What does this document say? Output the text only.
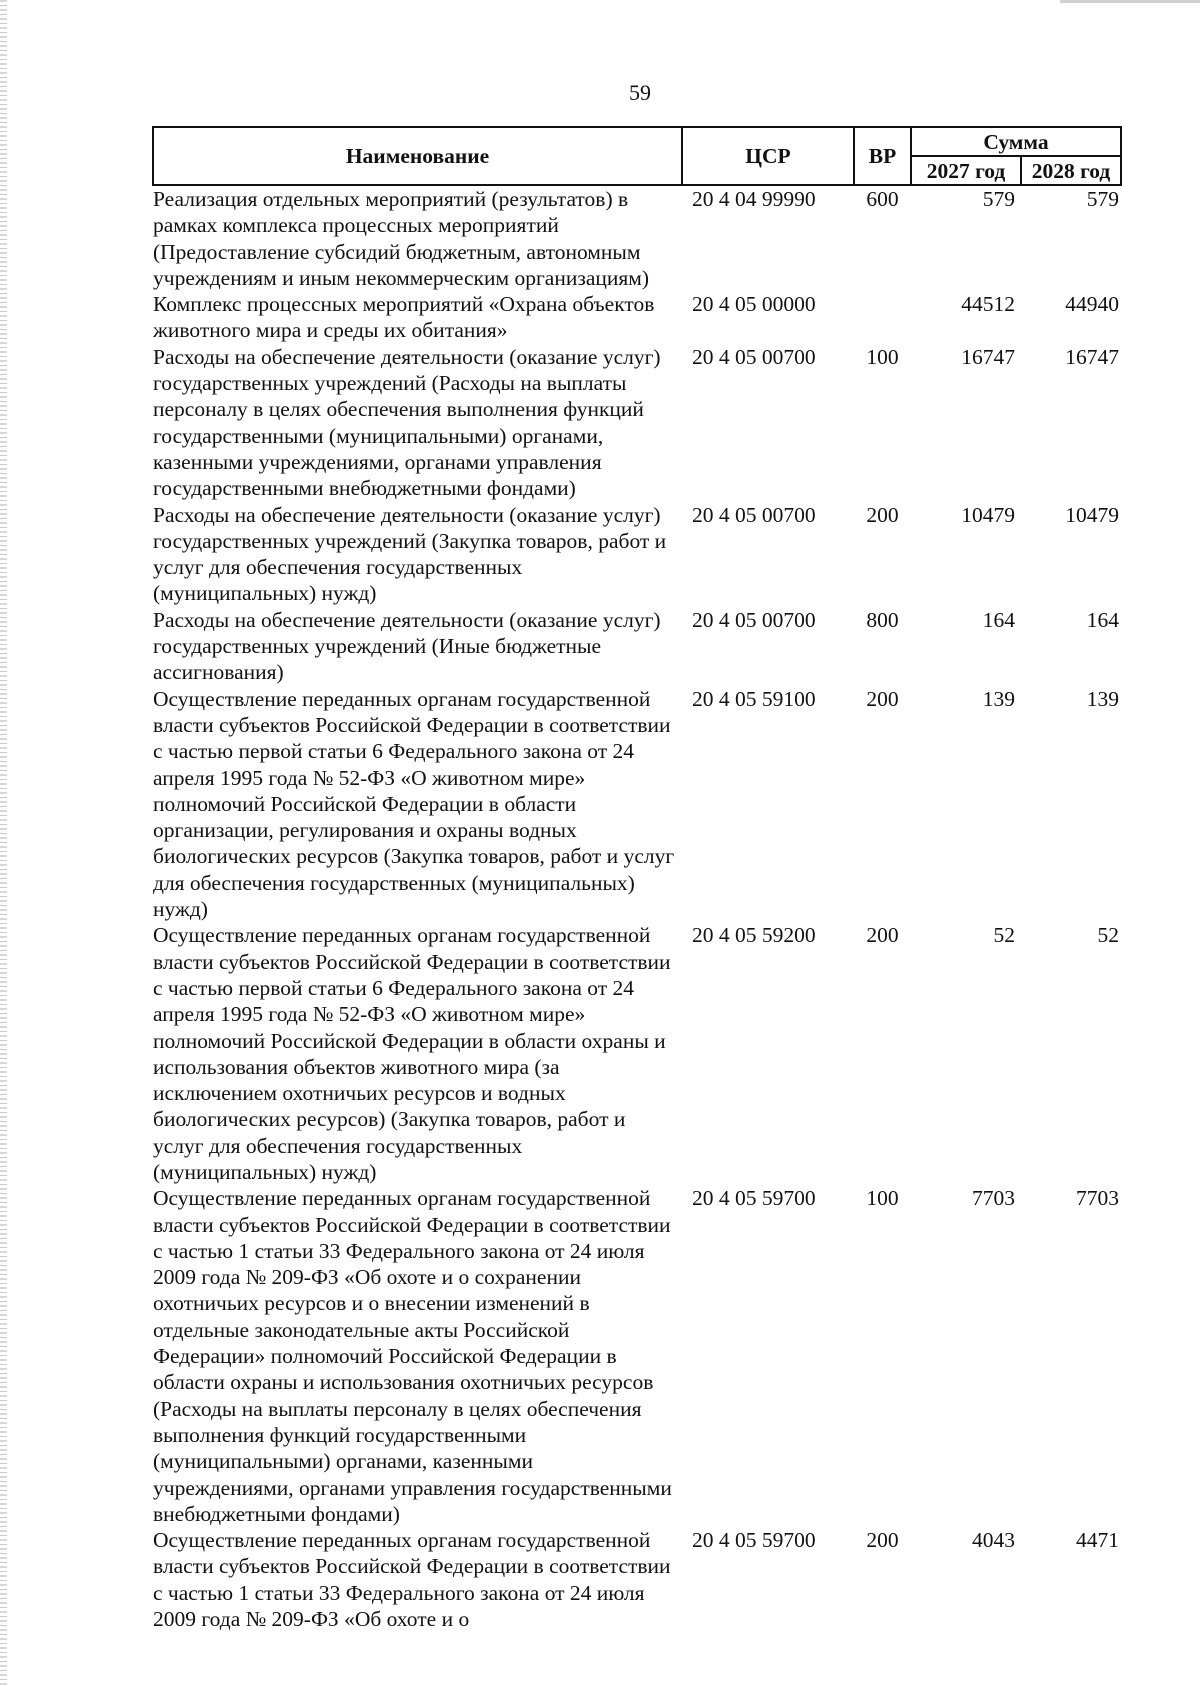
59
Наименование	ЦСР	ВР	Сумма	
			2027 год	2028 год
Реализация отдельных мероприятий (результатов) в рамках комплекса процессных мероприятий (Предоставление субсидий бюджетным, автономным учреждениям и иным некоммерческим организациям)	20 4 04 99990	600	579	579
Комплекс процессных мероприятий «Охрана объектов животного мира и среды их обитания»	20 4 05 00000		44512	44940
Расходы на обеспечение деятельности (оказание услуг) государственных учреждений (Расходы на выплаты персоналу в целях обеспечения выполнения функций государственными (муниципальными) органами, казенными учреждениями, органами управления государственными внебюджетными фондами)	20 4 05 00700	100	16747	16747
Расходы на обеспечение деятельности (оказание услуг) государственных учреждений (Закупка товаров, работ и услуг для обеспечения государственных (муниципальных) нужд)	20 4 05 00700	200	10479	10479
Расходы на обеспечение деятельности (оказание услуг) государственных учреждений (Иные бюджетные ассигнования)	20 4 05 00700	800	164	164
Осуществление переданных органам государственной власти субъектов Российской Федерации в соответствии с частью первой статьи 6 Федерального закона от 24 апреля 1995 года № 52-ФЗ «О животном мире» полномочий Российской Федерации в области организации, регулирования и охраны водных биологических ресурсов (Закупка товаров, работ и услуг для обеспечения государственных (муниципальных) нужд)	20 4 05 59100	200	139	139
Осуществление переданных органам государственной власти субъектов Российской Федерации в соответствии с частью первой статьи 6 Федерального закона от 24 апреля 1995 года № 52-ФЗ «О животном мире» полномочий Российской Федерации в области охраны и использования объектов животного мира (за исключением охотничьих ресурсов и водных биологических ресурсов) (Закупка товаров, работ и услуг для обеспечения государственных (муниципальных) нужд)	20 4 05 59200	200	52	52
Осуществление переданных органам государственной власти субъектов Российской Федерации в соответствии с частью 1 статьи 33 Федерального закона от 24 июля 2009 года № 209-ФЗ «Об охоте и о сохранении охотничьих ресурсов и о внесении изменений в отдельные законодательные акты Российской Федерации» полномочий Российской Федерации в области охраны и использования охотничьих ресурсов (Расходы на выплаты персоналу в целях обеспечения выполнения функций государственными (муниципальными) органами, казенными учреждениями, органами управления государственными внебюджетными фондами)	20 4 05 59700	100	7703	7703
Осуществление переданных органам государственной власти субъектов Российской Федерации в соответствии с частью 1 статьи 33 Федерального закона от 24 июля 2009 года № 209-ФЗ «Об охоте и о	20 4 05 59700	200	4043	4471
